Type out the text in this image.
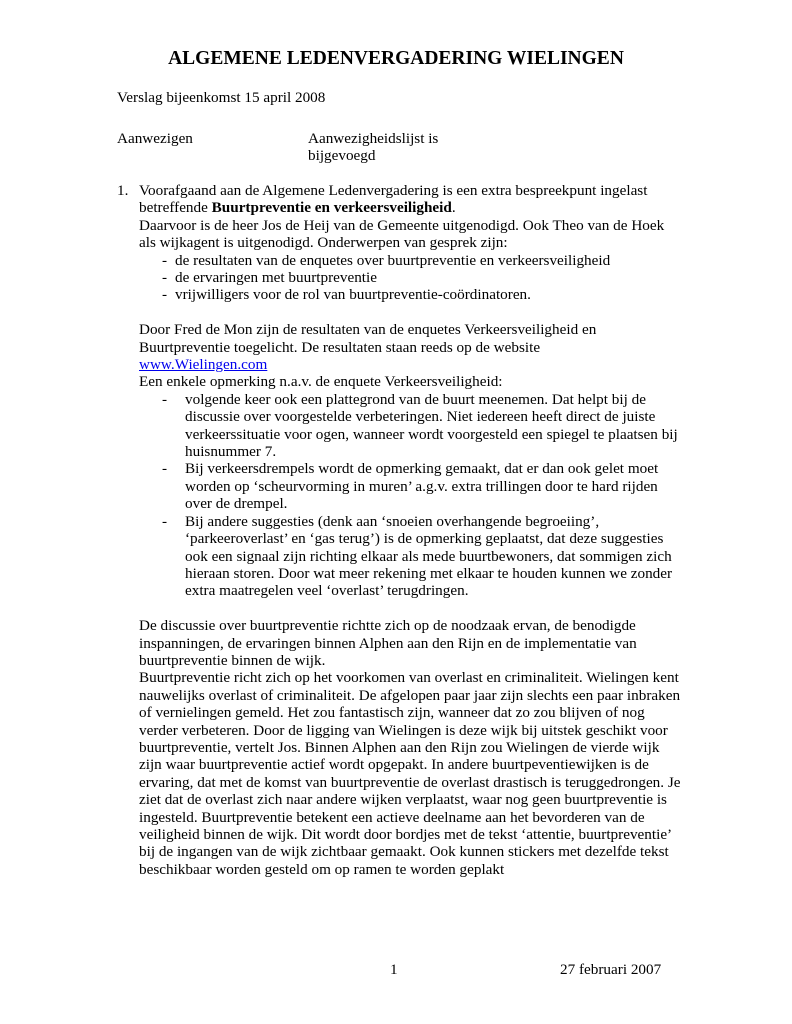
ALGEMENE LEDENVERGADERING WIELINGEN
Verslag bijeenkomst 15 april 2008
Aanwezigen	Aanwezigheidslijst is bijgevoegd
1. Voorafgaand aan de Algemene Ledenvergadering is een extra bespreekpunt ingelast betreffende Buurtpreventie en verkeersveiligheid.

Daarvoor is de heer Jos de Heij van de Gemeente uitgenodigd. Ook Theo van de Hoek als wijkagent is uitgenodigd. Onderwerpen van gesprek zijn:

- de resultaten van de enquetes over buurtpreventie en verkeersveiligheid
- de ervaringen met buurtpreventie
- vrijwilligers voor de rol van buurtpreventie-coördinatoren.

Door Fred de Mon zijn de resultaten van de enquetes Verkeersveiligheid en Buurtpreventie toegelicht. De resultaten staan reeds op de website

www.Wielingen.com

Een enkele opmerking n.a.v. de enquete Verkeersveiligheid:

- volgende keer ook een plattegrond van de buurt meenemen. Dat helpt bij de discussie over voorgestelde verbeteringen. Niet iedereen heeft direct de juiste verkeerssituatie voor ogen, wanneer wordt voorgesteld een spiegel te plaatsen bij huisnummer 7.
- Bij verkeersdrempels wordt de opmerking gemaakt, dat er dan ook gelet moet worden op ‘scheurvorming in muren’ a.g.v. extra trillingen door te hard rijden over de drempel.
- Bij andere suggesties (denk aan ‘snoeien overhangende begroeiing’, ‘parkeeroverlast’ en ‘gas terug’) is de opmerking geplaatst, dat deze suggesties ook een signaal zijn richting elkaar als mede buurtbewoners, dat sommigen zich hieraan storen. Door wat meer rekening met elkaar te houden kunnen we zonder extra maatregelen veel ‘overlast’ terugdringen.

De discussie over buurtpreventie richtte zich op de noodzaak ervan, de benodigde inspanningen, de ervaringen binnen Alphen aan den Rijn en de implementatie van buurtpreventie binnen de wijk.

Buurtpreventie richt zich op het voorkomen van overlast en criminaliteit. Wielingen kent nauwelijks overlast of criminaliteit. De afgelopen paar jaar zijn slechts een paar inbraken of vernielingen gemeld. Het zou fantastisch zijn, wanneer dat zo zou blijven of nog verder verbeteren. Door de ligging van Wielingen is deze wijk bij uitstek geschikt voor buurtpreventie, vertelt Jos. Binnen Alphen aan den Rijn zou Wielingen de vierde wijk zijn waar buurtpreventie actief wordt opgepakt. In andere buurtpeventiewijken is de ervaring, dat met de komst van buurtpreventie de overlast drastisch is teruggedrongen. Je ziet dat de overlast zich naar andere wijken verplaatst, waar nog geen buurtpreventie is ingesteld. Buurtpreventie betekent een actieve deelname aan het bevorderen van de veiligheid binnen de wijk. Dit wordt door bordjes met de tekst ‘attentie, buurtpreventie’ bij de ingangen van de wijk zichtbaar gemaakt. Ook kunnen stickers met dezelfde tekst beschikbaar worden gesteld om op ramen te worden geplakt

1	27 februari 2007
